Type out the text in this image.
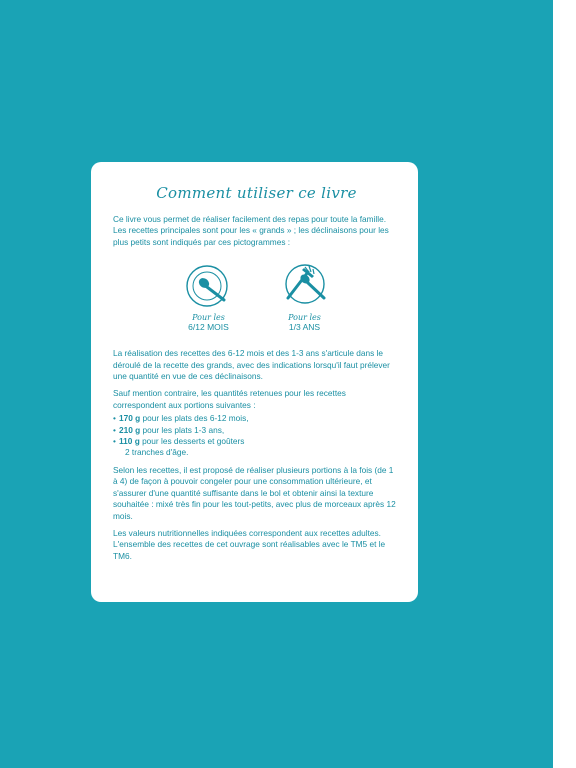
Comment utiliser ce livre

Ce livre vous permet de réaliser facilement des repas pour toute la famille. Les recettes principales sont pour les « grands » ; les déclinaisons pour les plus petits sont indiqués par ces pictogrammes :

Pour les
6/12 MOIS
Pour les
1/3 ANS

La réalisation des recettes des 6-12 mois et des 1-3 ans s'articule dans le déroulé de la recette des grands, avec des indications lorsqu'il faut prélever une quantité en vue de ces déclinaisons.

Sauf mention contraire, les quantités retenues pour les recettes correspondent aux portions suivantes :

• 170 g pour les plats des 6-12 mois,
• 210 g pour les plats 1-3 ans,
• 110 g pour les desserts et goûters
2 tranches d'âge.

Selon les recettes, il est proposé de réaliser plusieurs portions à la fois (de 1 à 4) de façon à pouvoir congeler pour une consommation ultérieure, et s'assurer d'une quantité suffisante dans le bol et obtenir ainsi la texture souhaitée : mixé très fin pour les tout-petits, avec plus de morceaux après 12 mois.

Les valeurs nutritionnelles indiquées correspondent aux recettes adultes. L'ensemble des recettes de cet ouvrage sont réalisables avec le TM5 et le TM6.
